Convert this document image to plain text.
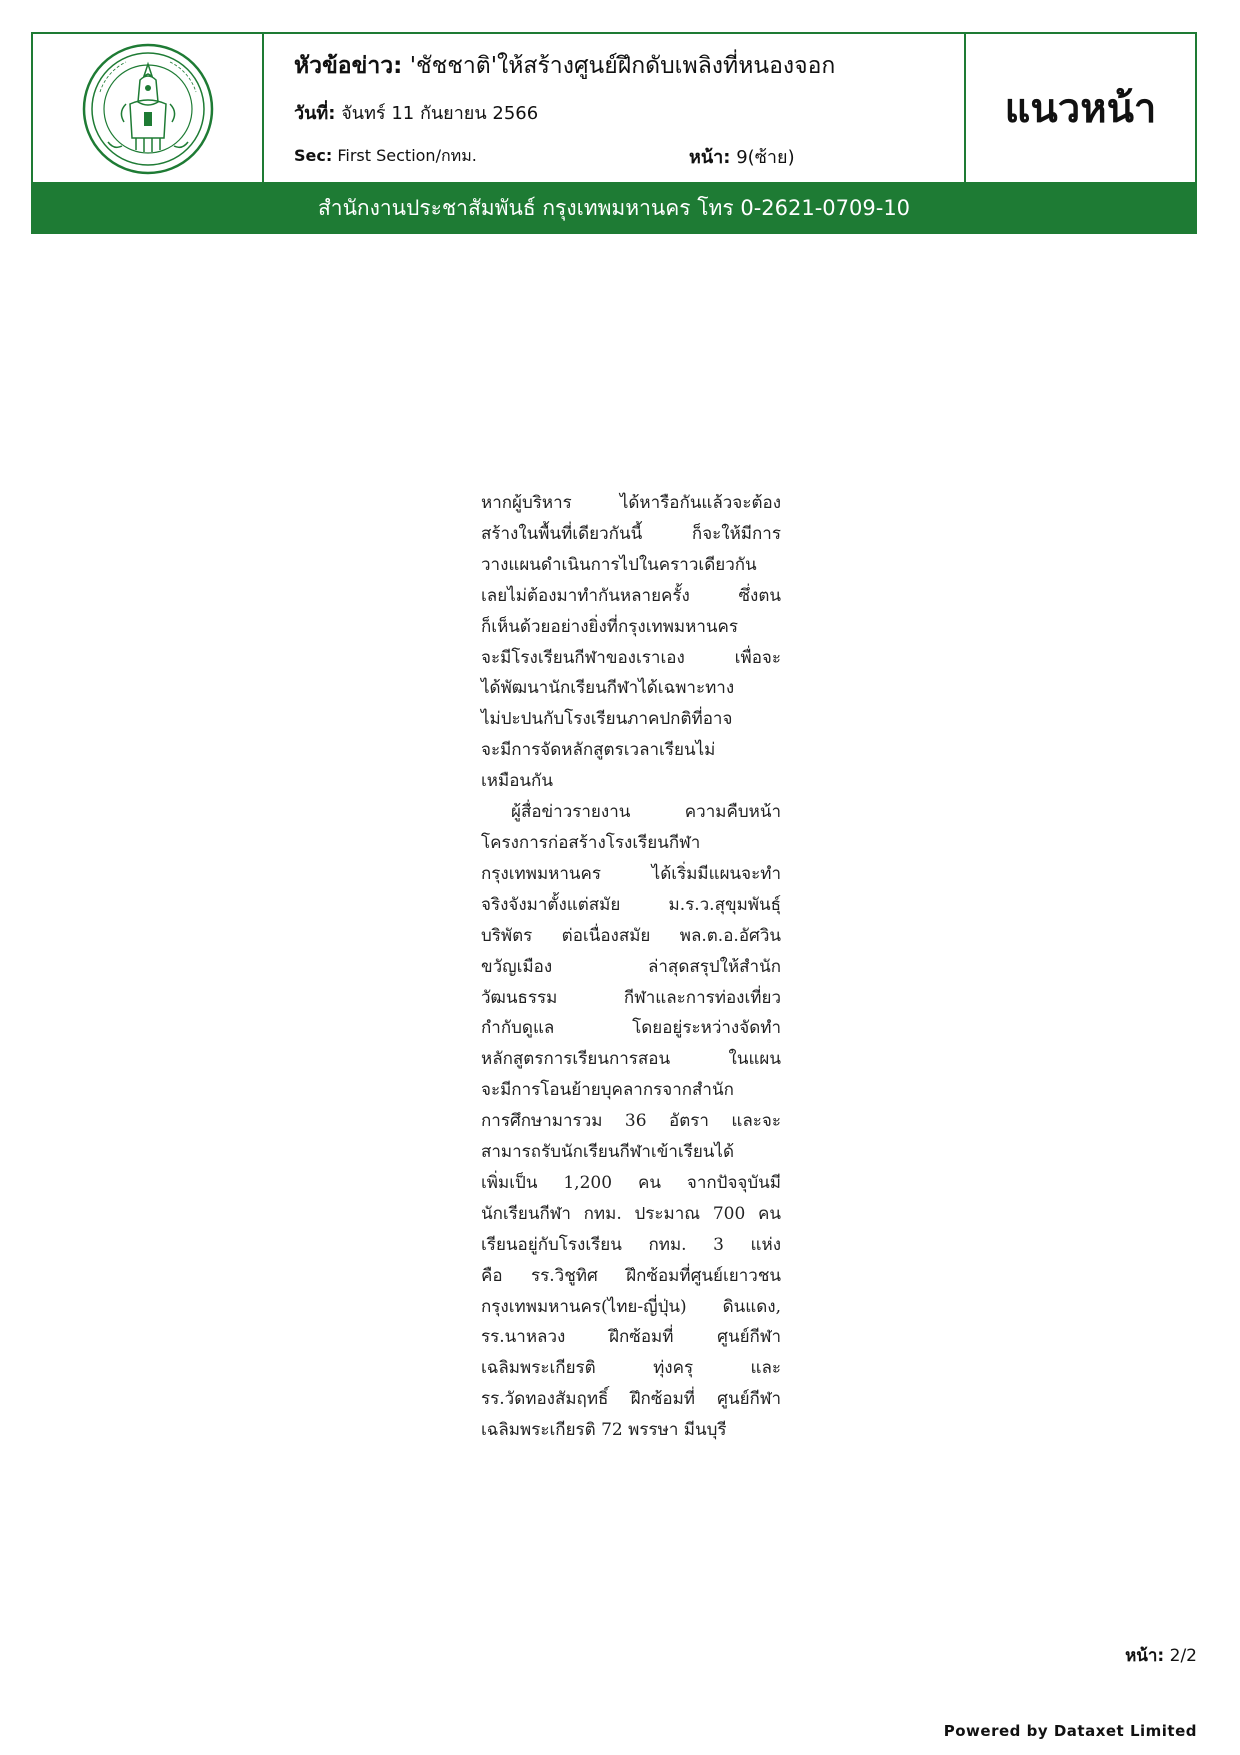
หัวข้อข่าว: 'ชัชชาติ'ให้สร้างศูนย์ฝึกดับเพลิงที่หนองจอก
วันที่: จันทร์ 11 กันยายน 2566
Sec: First Section/กทม.	หน้า: 9(ซ้าย)
แนวหน้า
สำนักงานประชาสัมพันธ์ กรุงเทพมหานคร โทร 0-2621-0709-10
หากผู้บริหาร ได้หารือกันแล้วจะต้อง
สร้างในพื้นที่เดียวกันนี้ ก็จะให้มีการ
วางแผนดำเนินการไปในคราวเดียวกัน
เลยไม่ต้องมาทำกันหลายครั้ง ซึ่งตน
ก็เห็นด้วยอย่างยิ่งที่กรุงเทพมหานคร
จะมีโรงเรียนกีฬาของเราเอง เพื่อจะ
ได้พัฒนานักเรียนกีฬาได้เฉพาะทาง
ไม่ปะปนกับโรงเรียนภาคปกติที่อาจ
จะมีการจัดหลักสูตรเวลาเรียนไม่
เหมือนกัน
ผู้สื่อข่าวรายงาน ความคืบหน้า
โครงการก่อสร้างโรงเรียนกีฬา
กรุงเทพมหานคร ได้เริ่มมีแผนจะทำ
จริงจังมาตั้งแต่สมัย ม.ร.ว.สุขุมพันธุ์
บริพัตร ต่อเนื่องสมัย พล.ต.อ.อัศวิน
ขวัญเมือง ล่าสุดสรุปให้สำนัก
วัฒนธรรม กีฬาและการท่องเที่ยว
กำกับดูแล โดยอยู่ระหว่างจัดทำ
หลักสูตรการเรียนการสอน ในแผน
จะมีการโอนย้ายบุคลากรจากสำนัก
การศึกษามารวม 36 อัตรา และจะ
สามารถรับนักเรียนกีฬาเข้าเรียนได้
เพิ่มเป็น 1,200 คน จากปัจจุบันมี
นักเรียนกีฬา กทม. ประมาณ 700 คน
เรียนอยู่กับโรงเรียน กทม. 3 แห่ง
คือ รร.วิชูทิศ ฝึกซ้อมที่ศูนย์เยาวชน
กรุงเทพมหานคร(ไทย-ญี่ปุ่น) ดินแดง,
รร.นาหลวง ฝึกซ้อมที่ ศูนย์กีฬา
เฉลิมพระเกียรติ ทุ่งครุ และ
รร.วัดทองสัมฤทธิ์ ฝึกซ้อมที่ ศูนย์กีฬา
เฉลิมพระเกียรติ 72 พรรษา มีนบุรี
หน้า: 2/2
Powered by Dataxet Limited
